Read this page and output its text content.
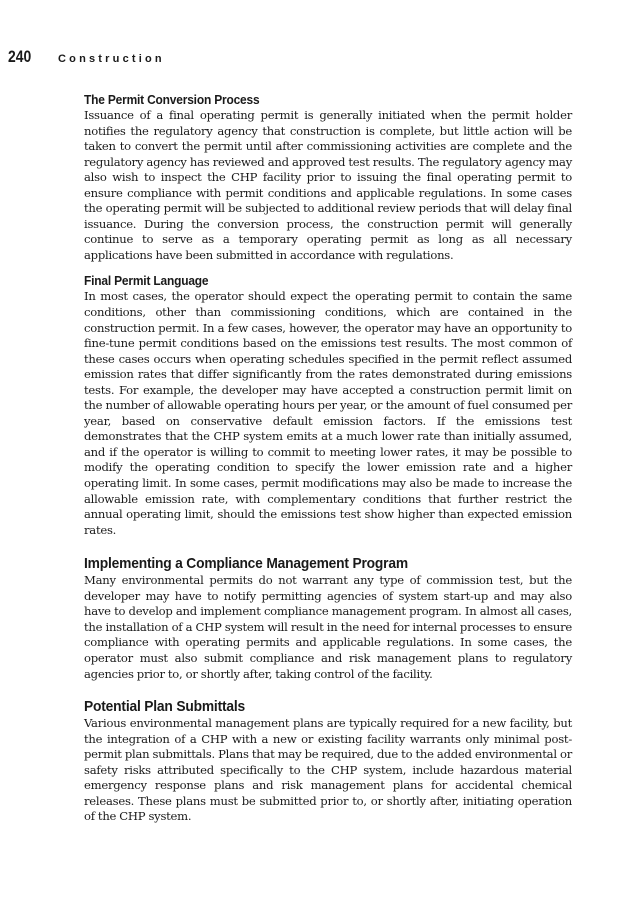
240 Construction
The Permit Conversion Process

Issuance of a final operating permit is generally initiated when the permit holder notifies the regulatory agency that construction is complete, but little action will be taken to convert the permit until after commissioning activities are complete and the regulatory agency has reviewed and approved test results. The regulatory agency may also wish to inspect the CHP facility prior to issuing the final operating permit to ensure compliance with permit conditions and applicable regulations. In some cases the operating permit will be subjected to additional review periods that will delay final issuance. During the conversion process, the construction permit will generally continue to serve as a temporary operating permit as long as all necessary applications have been submitted in accordance with regulations.

Final Permit Language

In most cases, the operator should expect the operating permit to contain the same conditions, other than commissioning conditions, which are contained in the construction permit. In a few cases, however, the operator may have an opportunity to fine-tune permit conditions based on the emissions test results. The most common of these cases occurs when operating schedules specified in the permit reflect assumed emission rates that differ significantly from the rates demonstrated during emissions tests. For example, the developer may have accepted a construction permit limit on the number of allowable operating hours per year, or the amount of fuel consumed per year, based on conservative default emission factors. If the emissions test demonstrates that the CHP system emits at a much lower rate than initially assumed, and if the operator is willing to commit to meeting lower rates, it may be possible to modify the operating condition to specify the lower emission rate and a higher operating limit. In some cases, permit modifications may also be made to increase the allowable emission rate, with complementary conditions that further restrict the annual operating limit, should the emissions test show higher than expected emission rates.

Implementing a Compliance Management Program

Many environmental permits do not warrant any type of commission test, but the developer may have to notify permitting agencies of system start-up and may also have to develop and implement compliance management program. In almost all cases, the installation of a CHP system will result in the need for internal processes to ensure compliance with operating permits and applicable regulations. In some cases, the operator must also submit compliance and risk management plans to regulatory agencies prior to, or shortly after, taking control of the facility.

Potential Plan Submittals

Various environmental management plans are typically required for a new facility, but the integration of a CHP with a new or existing facility warrants only minimal post-permit plan submittals. Plans that may be required, due to the added environmental or safety risks attributed specifically to the CHP system, include hazardous material emergency response plans and risk management plans for accidental chemical releases. These plans must be submitted prior to, or shortly after, initiating operation of the CHP system.
